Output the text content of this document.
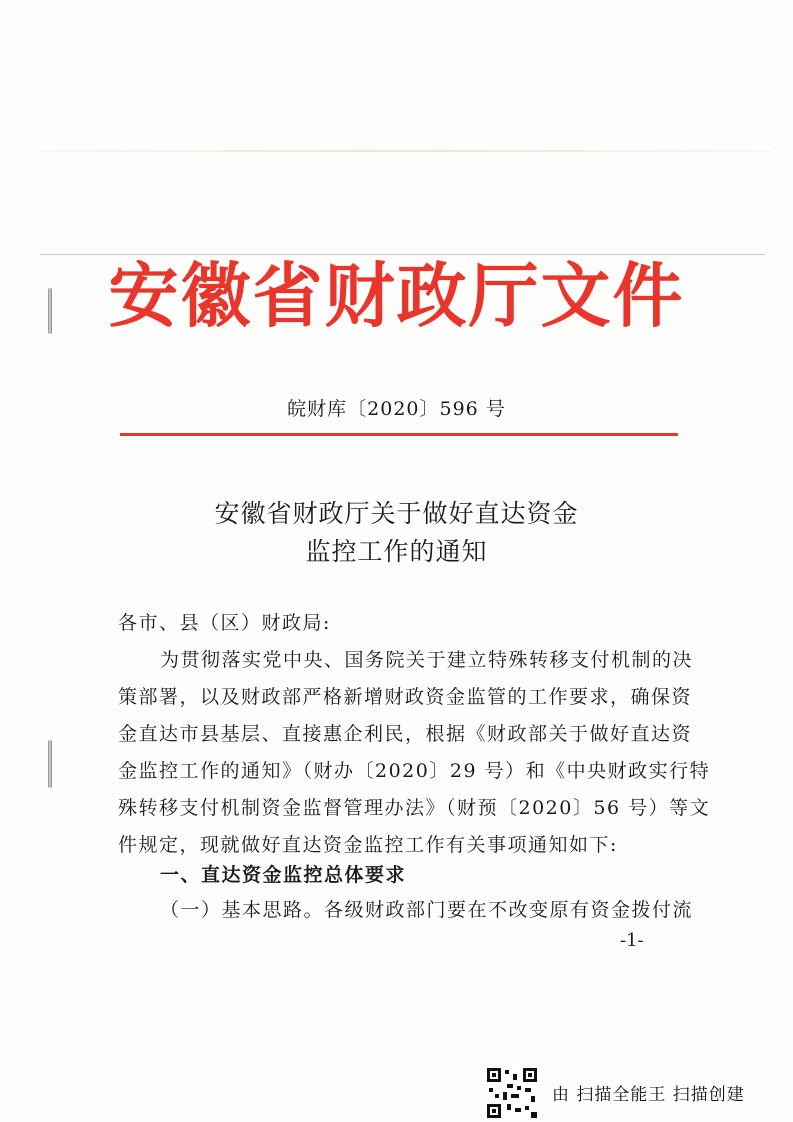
安徽省财政厅文件
皖财库〔2020〕596 号
安徽省财政厅关于做好直达资金
监控工作的通知
各市、县（区）财政局:
为贯彻落实党中央、国务院关于建立特殊转移支付机制的决
策部署，以及财政部严格新增财政资金监管的工作要求，确保资
金直达市县基层、直接惠企利民，根据《财政部关于做好直达资
金监控工作的通知》（财办〔2020〕29 号）和《中央财政实行特
殊转移支付机制资金监督管理办法》（财预〔2020〕56 号）等文
件规定，现就做好直达资金监控工作有关事项通知如下:
一、直达资金监控总体要求
（一）基本思路。各级财政部门要在不改变原有资金拨付流
-1-
由 扫描全能王 扫描创建
